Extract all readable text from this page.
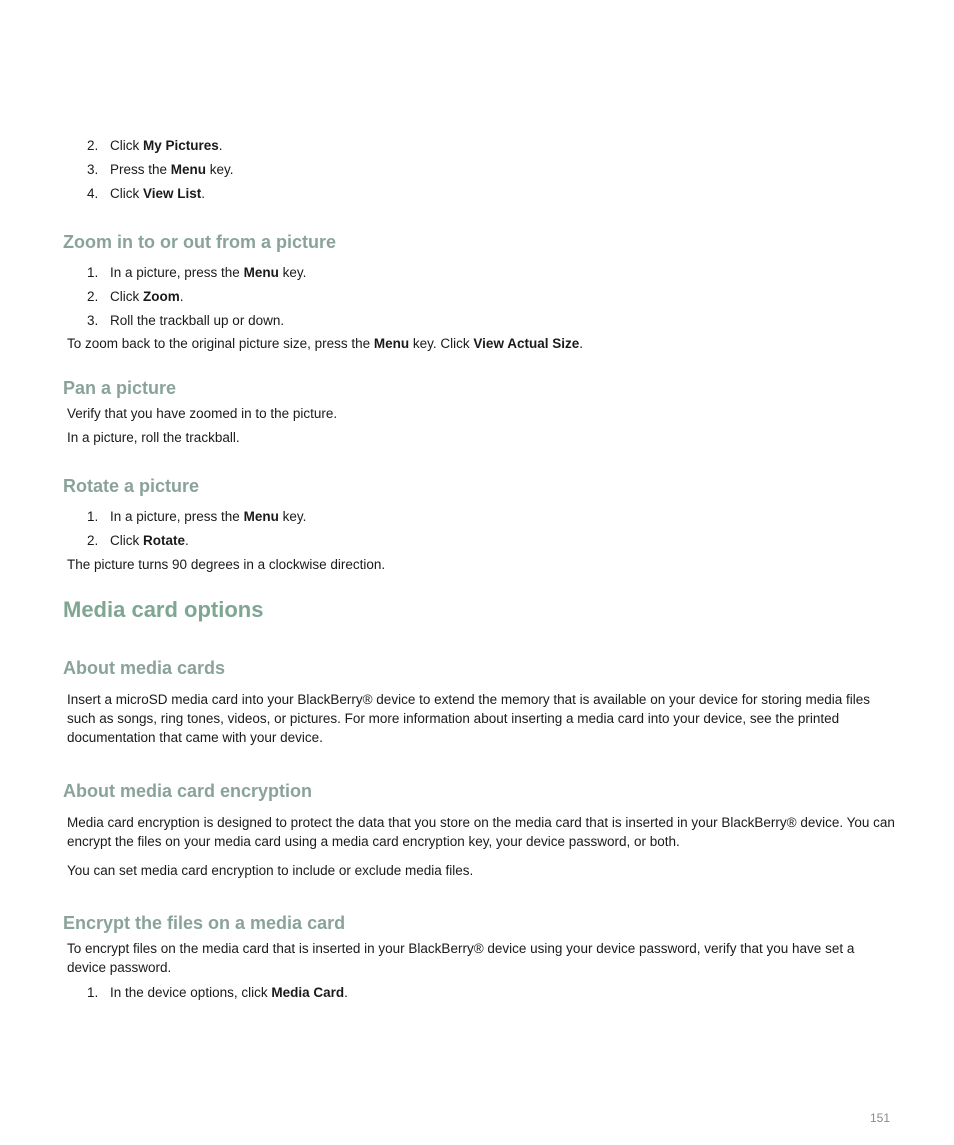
2. Click My Pictures.
3. Press the Menu key.
4. Click View List.
Zoom in to or out from a picture
1. In a picture, press the Menu key.
2. Click Zoom.
3. Roll the trackball up or down.
To zoom back to the original picture size, press the Menu key. Click View Actual Size.
Pan a picture
Verify that you have zoomed in to the picture.
In a picture, roll the trackball.
Rotate a picture
1. In a picture, press the Menu key.
2. Click Rotate.
The picture turns 90 degrees in a clockwise direction.
Media card options
About media cards
Insert a microSD media card into your BlackBerry® device to extend the memory that is available on your device for storing media files such as songs, ring tones, videos, or pictures. For more information about inserting a media card into your device, see the printed documentation that came with your device.
About media card encryption
Media card encryption is designed to protect the data that you store on the media card that is inserted in your BlackBerry® device. You can encrypt the files on your media card using a media card encryption key, your device password, or both.
You can set media card encryption to include or exclude media files.
Encrypt the files on a media card
To encrypt files on the media card that is inserted in your BlackBerry® device using your device password, verify that you have set a device password.
1. In the device options, click Media Card.
151
